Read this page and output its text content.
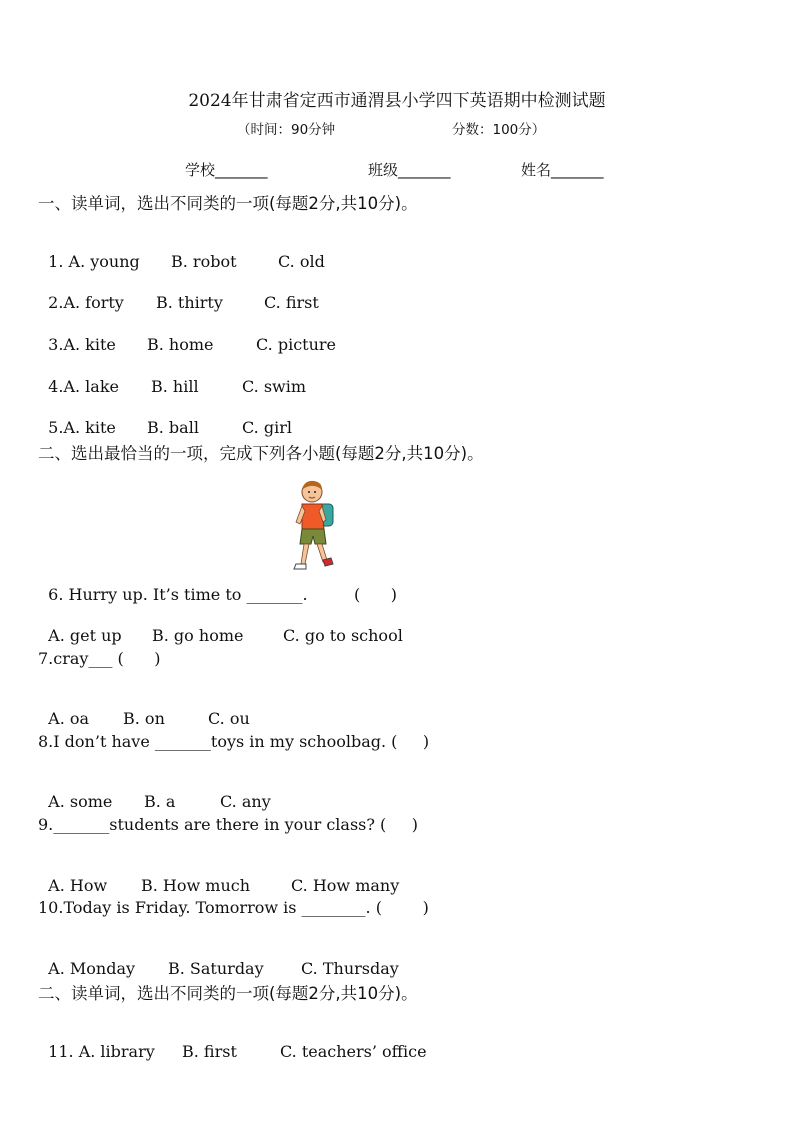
2024年甘肃省定西市通渭县小学四下英语期中检测试题
（时间：90分钟	分数：100分）
学校_______	班级_______	姓名_______
一、读单词，选出不同类的一项(每题2分,共10分)。

1. A. young B. robot	C. old

2.A. forty B. thirty	C. first

3.A. kite B. home	C. picture

4.A. lake B. hill	C. swim

5.A. kite B. ball	C. girl

二、选出最恰当的一项，完成下列各小题(每题2分,共10分)。

6. Hurry up. It’s time to _______.	(      )

A. get up B. go home C. go to school

7.cray___ (      )

A. oa B. on	C. ou

8.I don’t have _______toys in my schoolbag. (     )

A. some B. a	C. any

9._______students are there in your class? (     )

A. How B. How much	C. How many

10.Today is Friday. Tomorrow is ________. (        )

A. Monday B. Saturday C. Thursday

二、读单词，选出不同类的一项(每题2分,共10分)。

11. A. library B. first	C. teachers’ office
